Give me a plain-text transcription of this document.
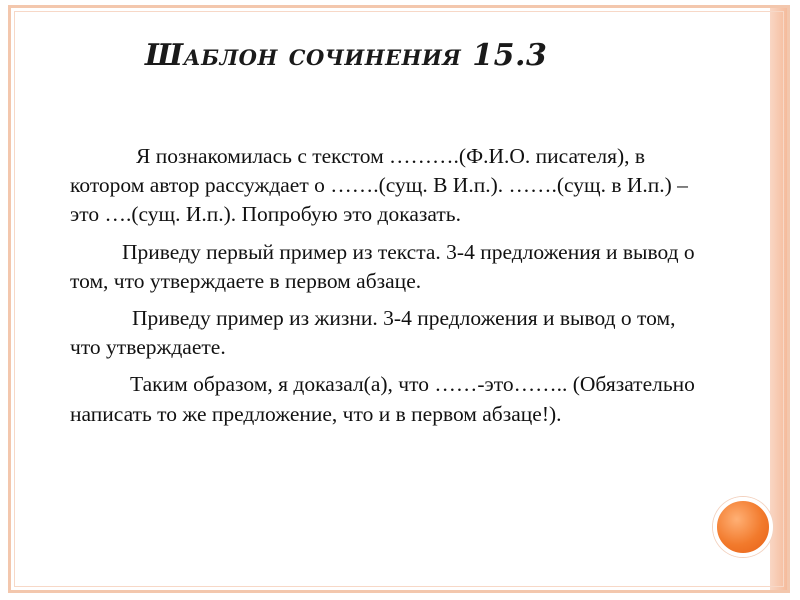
Шаблон сочинения 15.3

Я познакомилась с текстом ……….(Ф.И.О. писателя), в котором автор рассуждает о …….(сущ. В И.п.). …….(сущ. в И.п.) – это ….(сущ. И.п.). Попробую это доказать.

Приведу первый пример из текста. 3-4 предложения и вывод о том, что утверждаете в первом абзаце.

Приведу пример из жизни. 3-4 предложения и вывод о том, что утверждаете.

Таким образом, я доказал(а), что ……-это…….. (Обязательно написать то же предложение, что и в первом абзаце!).
